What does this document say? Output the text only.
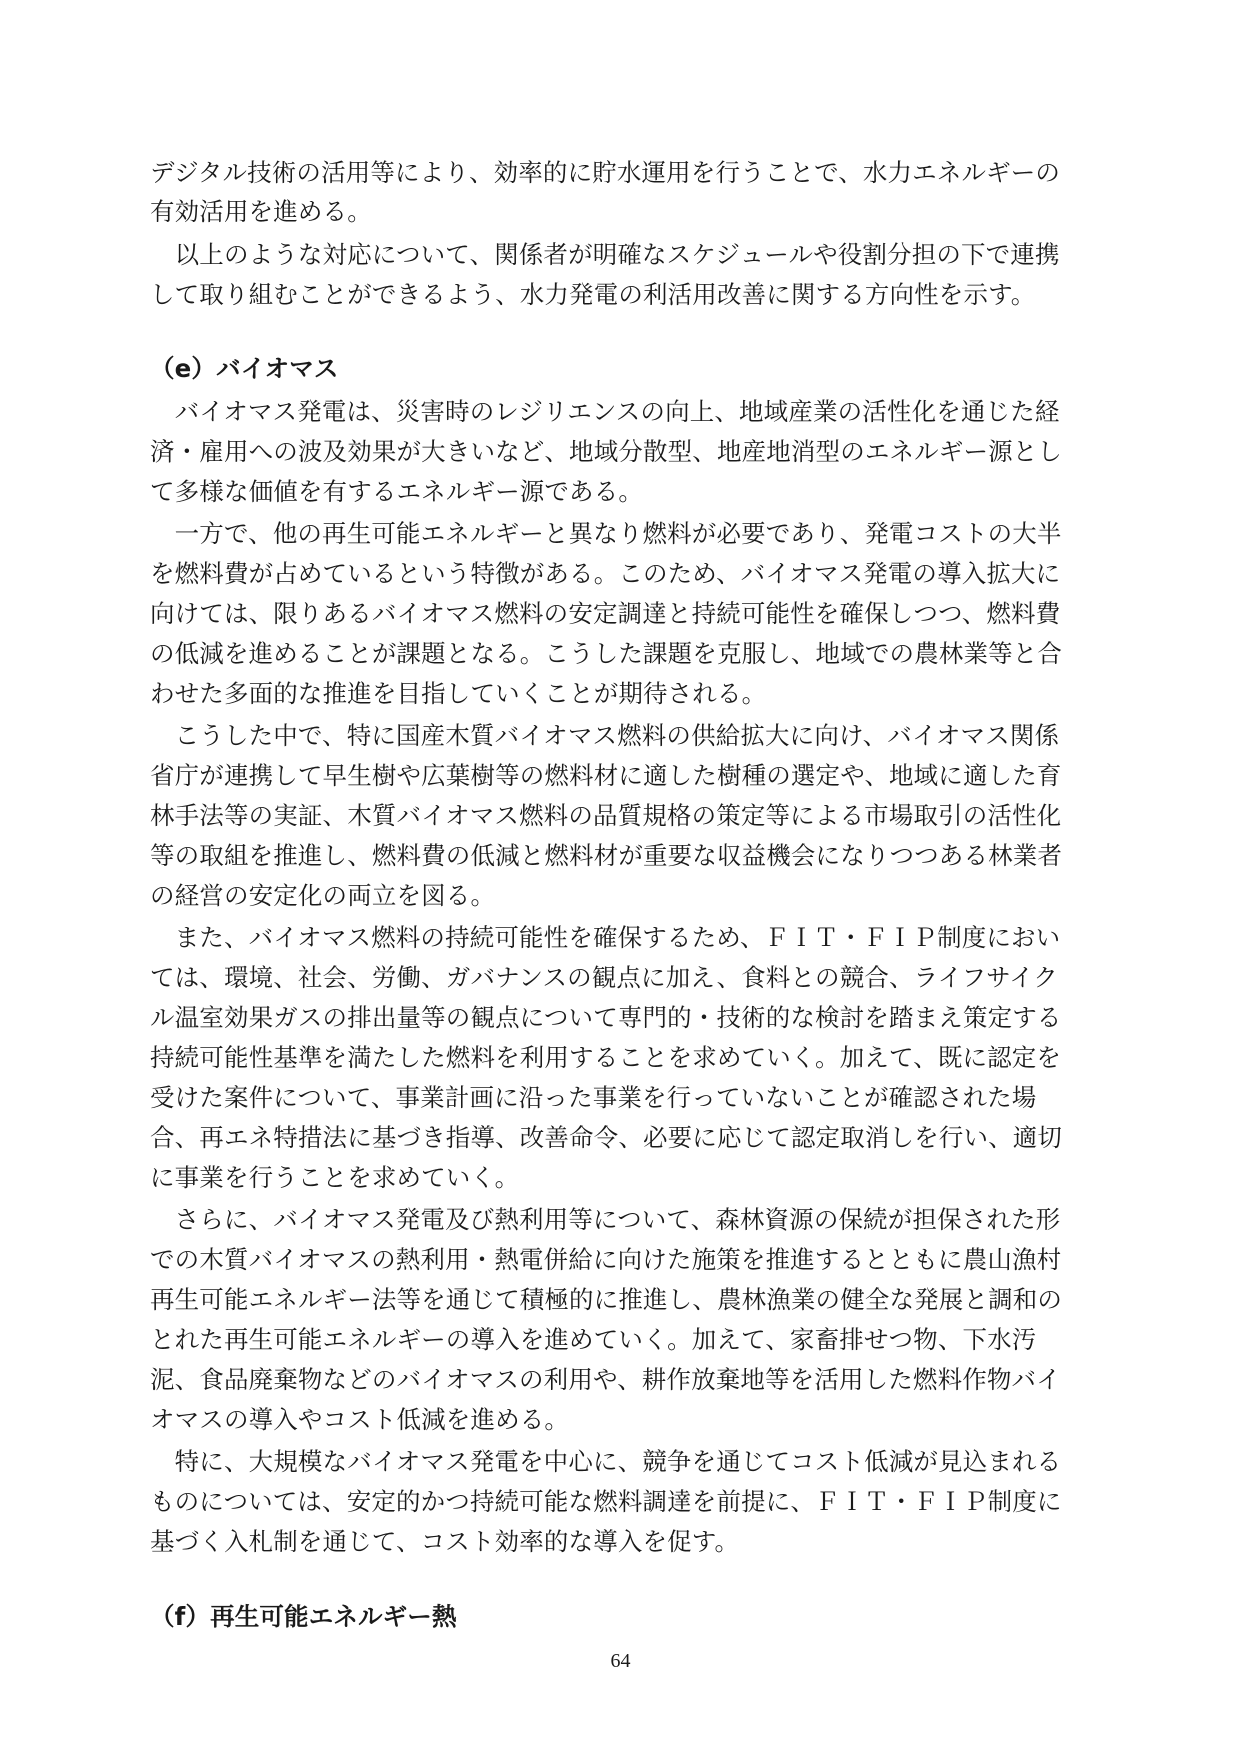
デジタル技術の活用等により、効率的に貯水運用を行うことで、水力エネルギーの

有効活用を進める。

　以上のような対応について、関係者が明確なスケジュールや役割分担の下で連携

して取り組むことができるよう、水力発電の利活用改善に関する方向性を示す。

（e）バイオマス

　バイオマス発電は、災害時のレジリエンスの向上、地域産業の活性化を通じた経

済・雇用への波及効果が大きいなど、地域分散型、地産地消型のエネルギー源とし

て多様な価値を有するエネルギー源である。

　一方で、他の再生可能エネルギーと異なり燃料が必要であり、発電コストの大半

を燃料費が占めているという特徴がある。このため、バイオマス発電の導入拡大に

向けては、限りあるバイオマス燃料の安定調達と持続可能性を確保しつつ、燃料費

の低減を進めることが課題となる。こうした課題を克服し、地域での農林業等と合

わせた多面的な推進を目指していくことが期待される。

　こうした中で、特に国産木質バイオマス燃料の供給拡大に向け、バイオマス関係

省庁が連携して早生樹や広葉樹等の燃料材に適した樹種の選定や、地域に適した育

林手法等の実証、木質バイオマス燃料の品質規格の策定等による市場取引の活性化

等の取組を推進し、燃料費の低減と燃料材が重要な収益機会になりつつある林業者

の経営の安定化の両立を図る。

　また、バイオマス燃料の持続可能性を確保するため、ＦＩＴ・ＦＩＰ制度におい

ては、環境、社会、労働、ガバナンスの観点に加え、食料との競合、ライフサイク

ル温室効果ガスの排出量等の観点について専門的・技術的な検討を踏まえ策定する

持続可能性基準を満たした燃料を利用することを求めていく。加えて、既に認定を

受けた案件について、事業計画に沿った事業を行っていないことが確認された場

合、再エネ特措法に基づき指導、改善命令、必要に応じて認定取消しを行い、適切

に事業を行うことを求めていく。

　さらに、バイオマス発電及び熱利用等について、森林資源の保続が担保された形

での木質バイオマスの熱利用・熱電併給に向けた施策を推進するとともに農山漁村

再生可能エネルギー法等を通じて積極的に推進し、農林漁業の健全な発展と調和の

とれた再生可能エネルギーの導入を進めていく。加えて、家畜排せつ物、下水汚

泥、食品廃棄物などのバイオマスの利用や、耕作放棄地等を活用した燃料作物バイ

オマスの導入やコスト低減を進める。

　特に、大規模なバイオマス発電を中心に、競争を通じてコスト低減が見込まれる

ものについては、安定的かつ持続可能な燃料調達を前提に、ＦＩＴ・ＦＩＰ制度に

基づく入札制を通じて、コスト効率的な導入を促す。

（f）再生可能エネルギー熱

64
